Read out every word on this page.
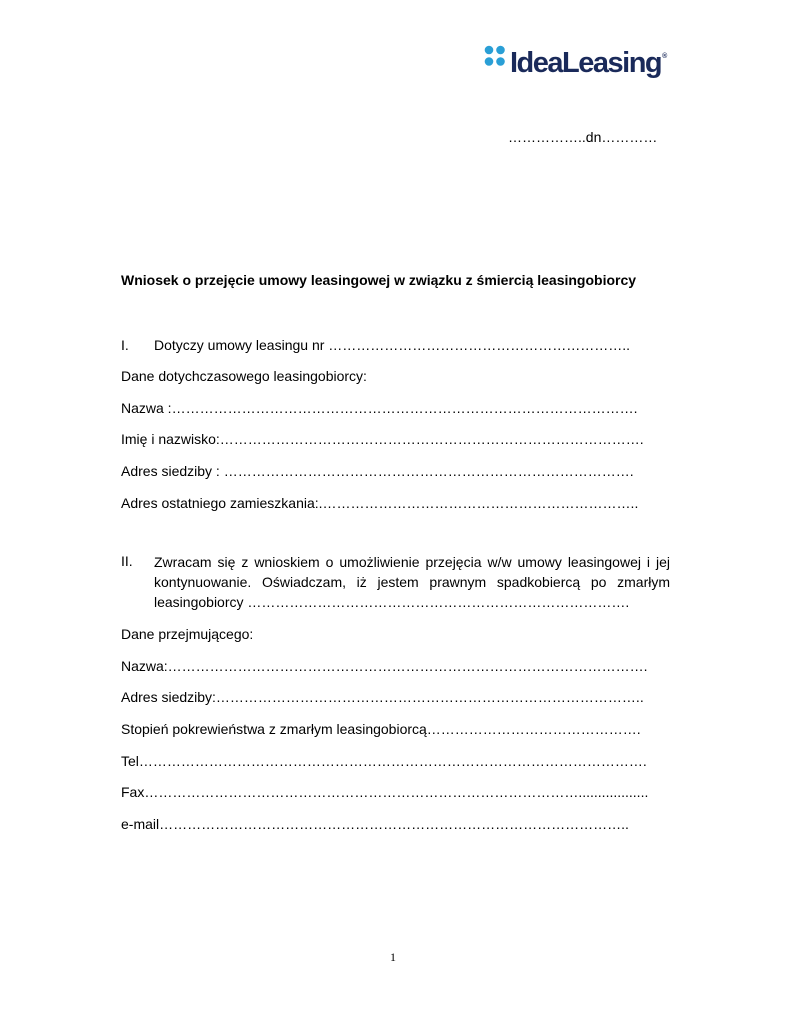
IdeaLeasing®
……………..dn…………
Wniosek o przejęcie umowy leasingowej w związku z śmiercią leasingobiorcy
I. Dotyczy umowy leasingu nr ………………………………………………………..
Dane dotychczasowego leasingobiorcy:
Nazwa :……………………………………………………………………………………….
Imię i nazwisko:……………………………………………………………………………….
Adres siedziby : …………………………………………………………………………….
Adres ostatniego zamieszkania:.…………………………………………………………..
II. Zwracam się z wnioskiem o umożliwienie przejęcia w/w umowy leasingowej i jej kontynuowanie. Oświadczam, iż jestem prawnym spadkobiercą po zmarłym leasingobiorcy ……………………………………………………………………….
Dane przejmującego:
Nazwa:………………………………………………………………………………………….
Adres siedziby:………………………………………………………………………………..
Stopień pokrewieństwa z zmarłym leasingobiorcą……………………………………….
Tel……………………………………………………………………………………………….
Fax…………………………………………………………………………………..................
e-mail………………………………………………………………………………………..
1
